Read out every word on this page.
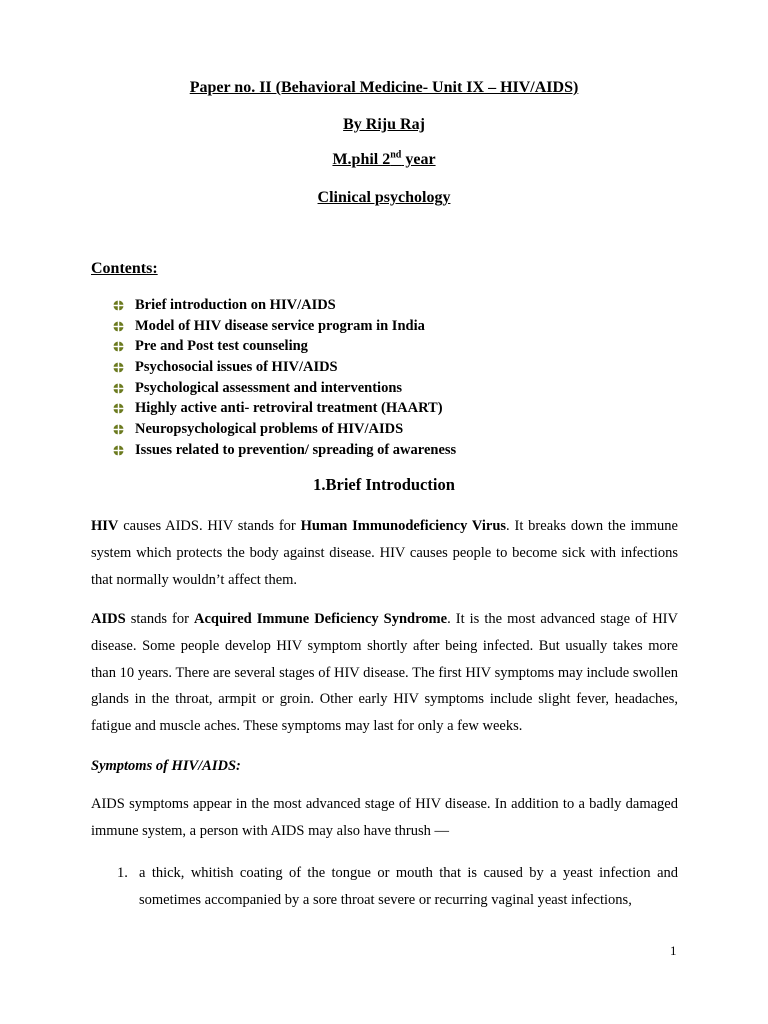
Paper no. II (Behavioral Medicine- Unit IX – HIV/AIDS)
By Riju Raj
M.phil 2nd year
Clinical psychology
Contents:
Brief introduction on HIV/AIDS
Model of HIV disease service program in India
Pre and Post test counseling
Psychosocial issues of HIV/AIDS
Psychological assessment and interventions
Highly active anti- retroviral treatment (HAART)
Neuropsychological problems of HIV/AIDS
Issues related to prevention/ spreading of awareness
1.Brief Introduction

HIV causes AIDS. HIV stands for Human Immunodeficiency Virus. It breaks down the immune system which protects the body against disease. HIV causes people to become sick with infections that normally wouldn’t affect them.

AIDS stands for Acquired Immune Deficiency Syndrome. It is the most advanced stage of HIV disease. Some people develop HIV symptom shortly after being infected. But usually takes more than 10 years. There are several stages of HIV disease. The first HIV symptoms may include swollen glands in the throat, armpit or groin. Other early HIV symptoms include slight fever, headaches, fatigue and muscle aches. These symptoms may last for only a few weeks.

Symptoms of HIV/AIDS:

AIDS symptoms appear in the most advanced stage of HIV disease. In addition to a badly damaged immune system, a person with AIDS may also have thrush —

1. a thick, whitish coating of the tongue or mouth that is caused by a yeast infection and sometimes accompanied by a sore throat severe or recurring vaginal yeast infections,
1
